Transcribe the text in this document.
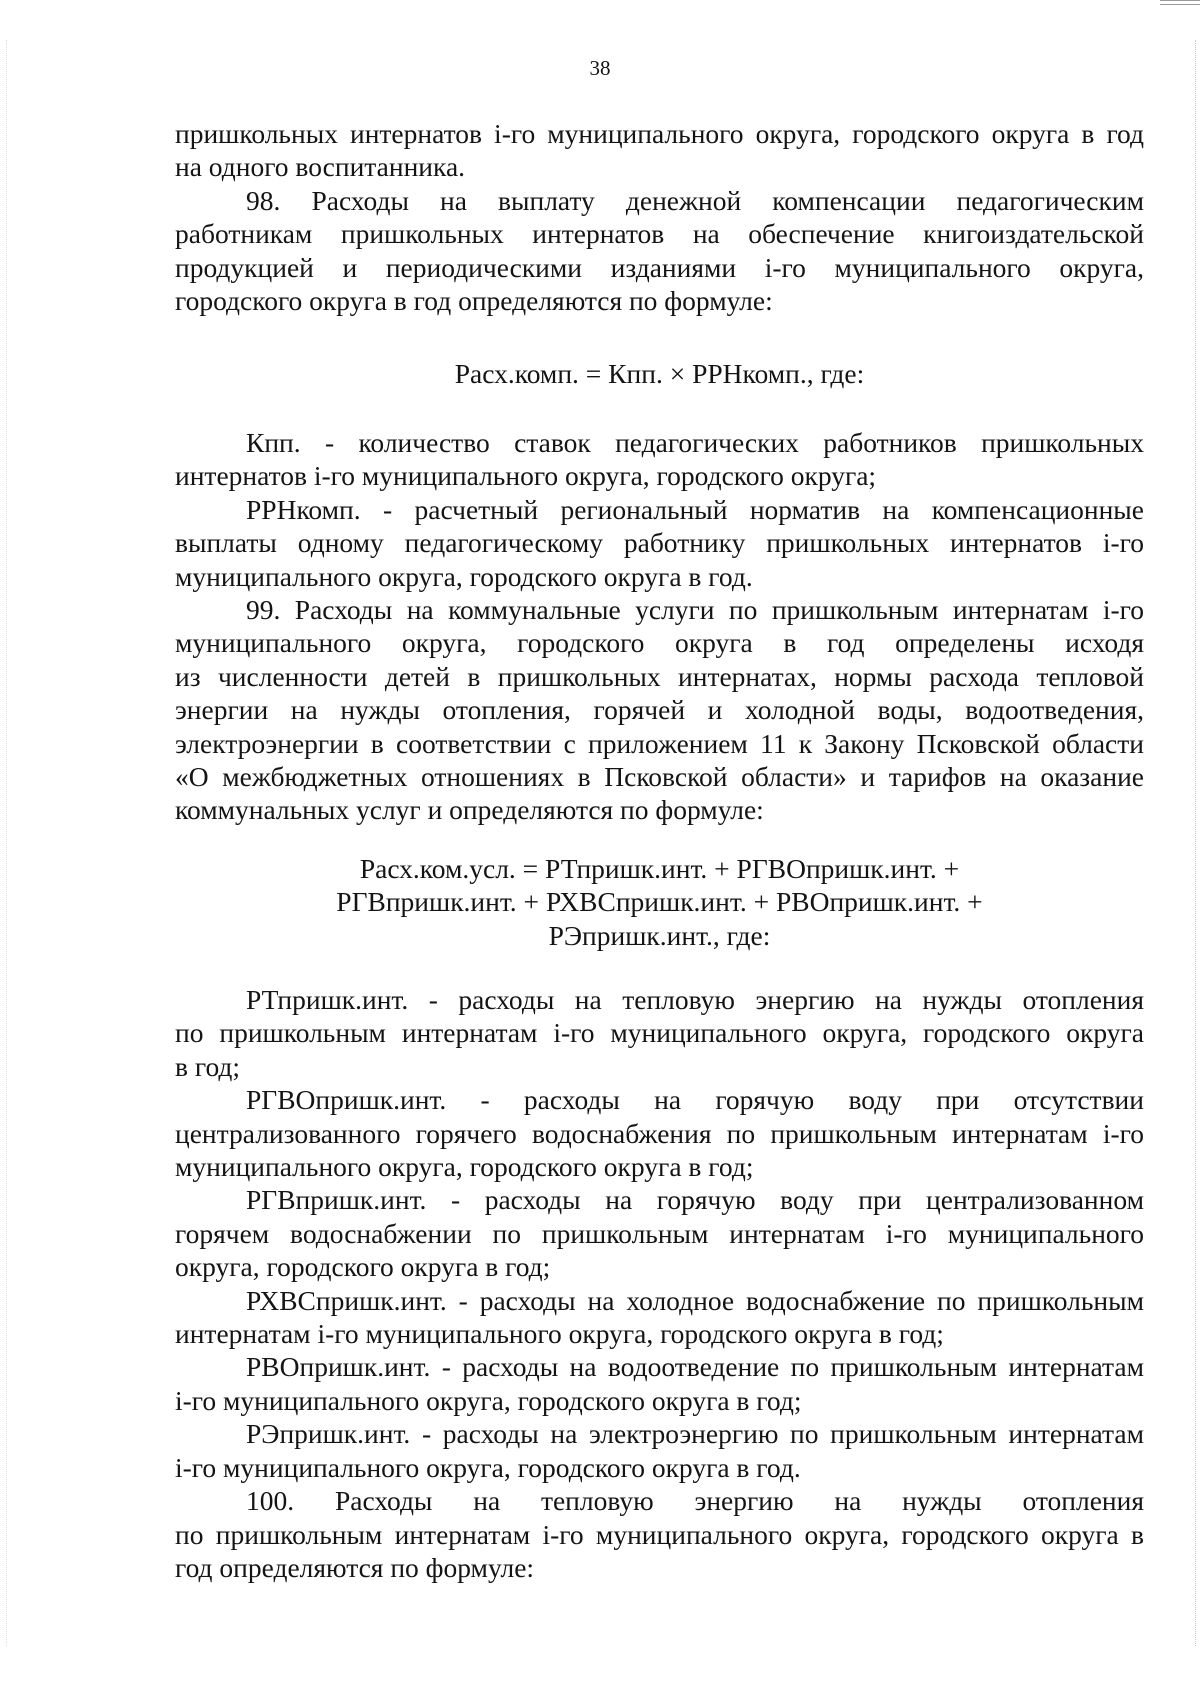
38

пришкольных интернатов i-го муниципального округа, городского округа в год

на одного воспитанника.

98. Расходы на выплату денежной компенсации педагогическим

работникам пришкольных интернатов на обеспечение книгоиздательской

продукцией и периодическими изданиями i-го муниципального округа,

городского округа в год определяются по формуле:

Расх.комп. = Кпп. × РРНкомп., где:

Кпп. - количество ставок педагогических работников пришкольных

интернатов i-го муниципального округа, городского округа;

РРНкомп. - расчетный региональный норматив на компенсационные

выплаты одному педагогическому работнику пришкольных интернатов i-го

муниципального округа, городского округа в год.

99. Расходы на коммунальные услуги по пришкольным интернатам i-го

муниципального округа, городского округа в год определены исходя

из численности детей в пришкольных интернатах, нормы расхода тепловой

энергии на нужды отопления, горячей и холодной воды, водоотведения,

электроэнергии в соответствии с приложением 11 к Закону Псковской области

«О межбюджетных отношениях в Псковской области» и тарифов на оказание

коммунальных услуг и определяются по формуле:

Расх.ком.усл. = РТпришк.инт. + РГВОпришк.инт. +

РГВпришк.инт. + РХВСпришк.инт. + РВОпришк.инт. +

РЭпришк.инт., где:

РТпришк.инт. - расходы на тепловую энергию на нужды отопления

по пришкольным интернатам i-го муниципального округа, городского округа

в год;

РГВОпришк.инт. - расходы на горячую воду при отсутствии

централизованного горячего водоснабжения по пришкольным интернатам i-го

муниципального округа, городского округа в год;

РГВпришк.инт. - расходы на горячую воду при централизованном

горячем водоснабжении по пришкольным интернатам i-го муниципального

округа, городского округа в год;

РХВСпришк.инт. - расходы на холодное водоснабжение по пришкольным

интернатам i-го муниципального округа, городского округа в год;

РВОпришк.инт. - расходы на водоотведение по пришкольным интернатам

i-го муниципального округа, городского округа в год;

РЭпришк.инт. - расходы на электроэнергию по пришкольным интернатам

i-го муниципального округа, городского округа в год.

100. Расходы на тепловую энергию на нужды отопления

по пришкольным интернатам i-го муниципального округа, городского округа в

год определяются по формуле:
